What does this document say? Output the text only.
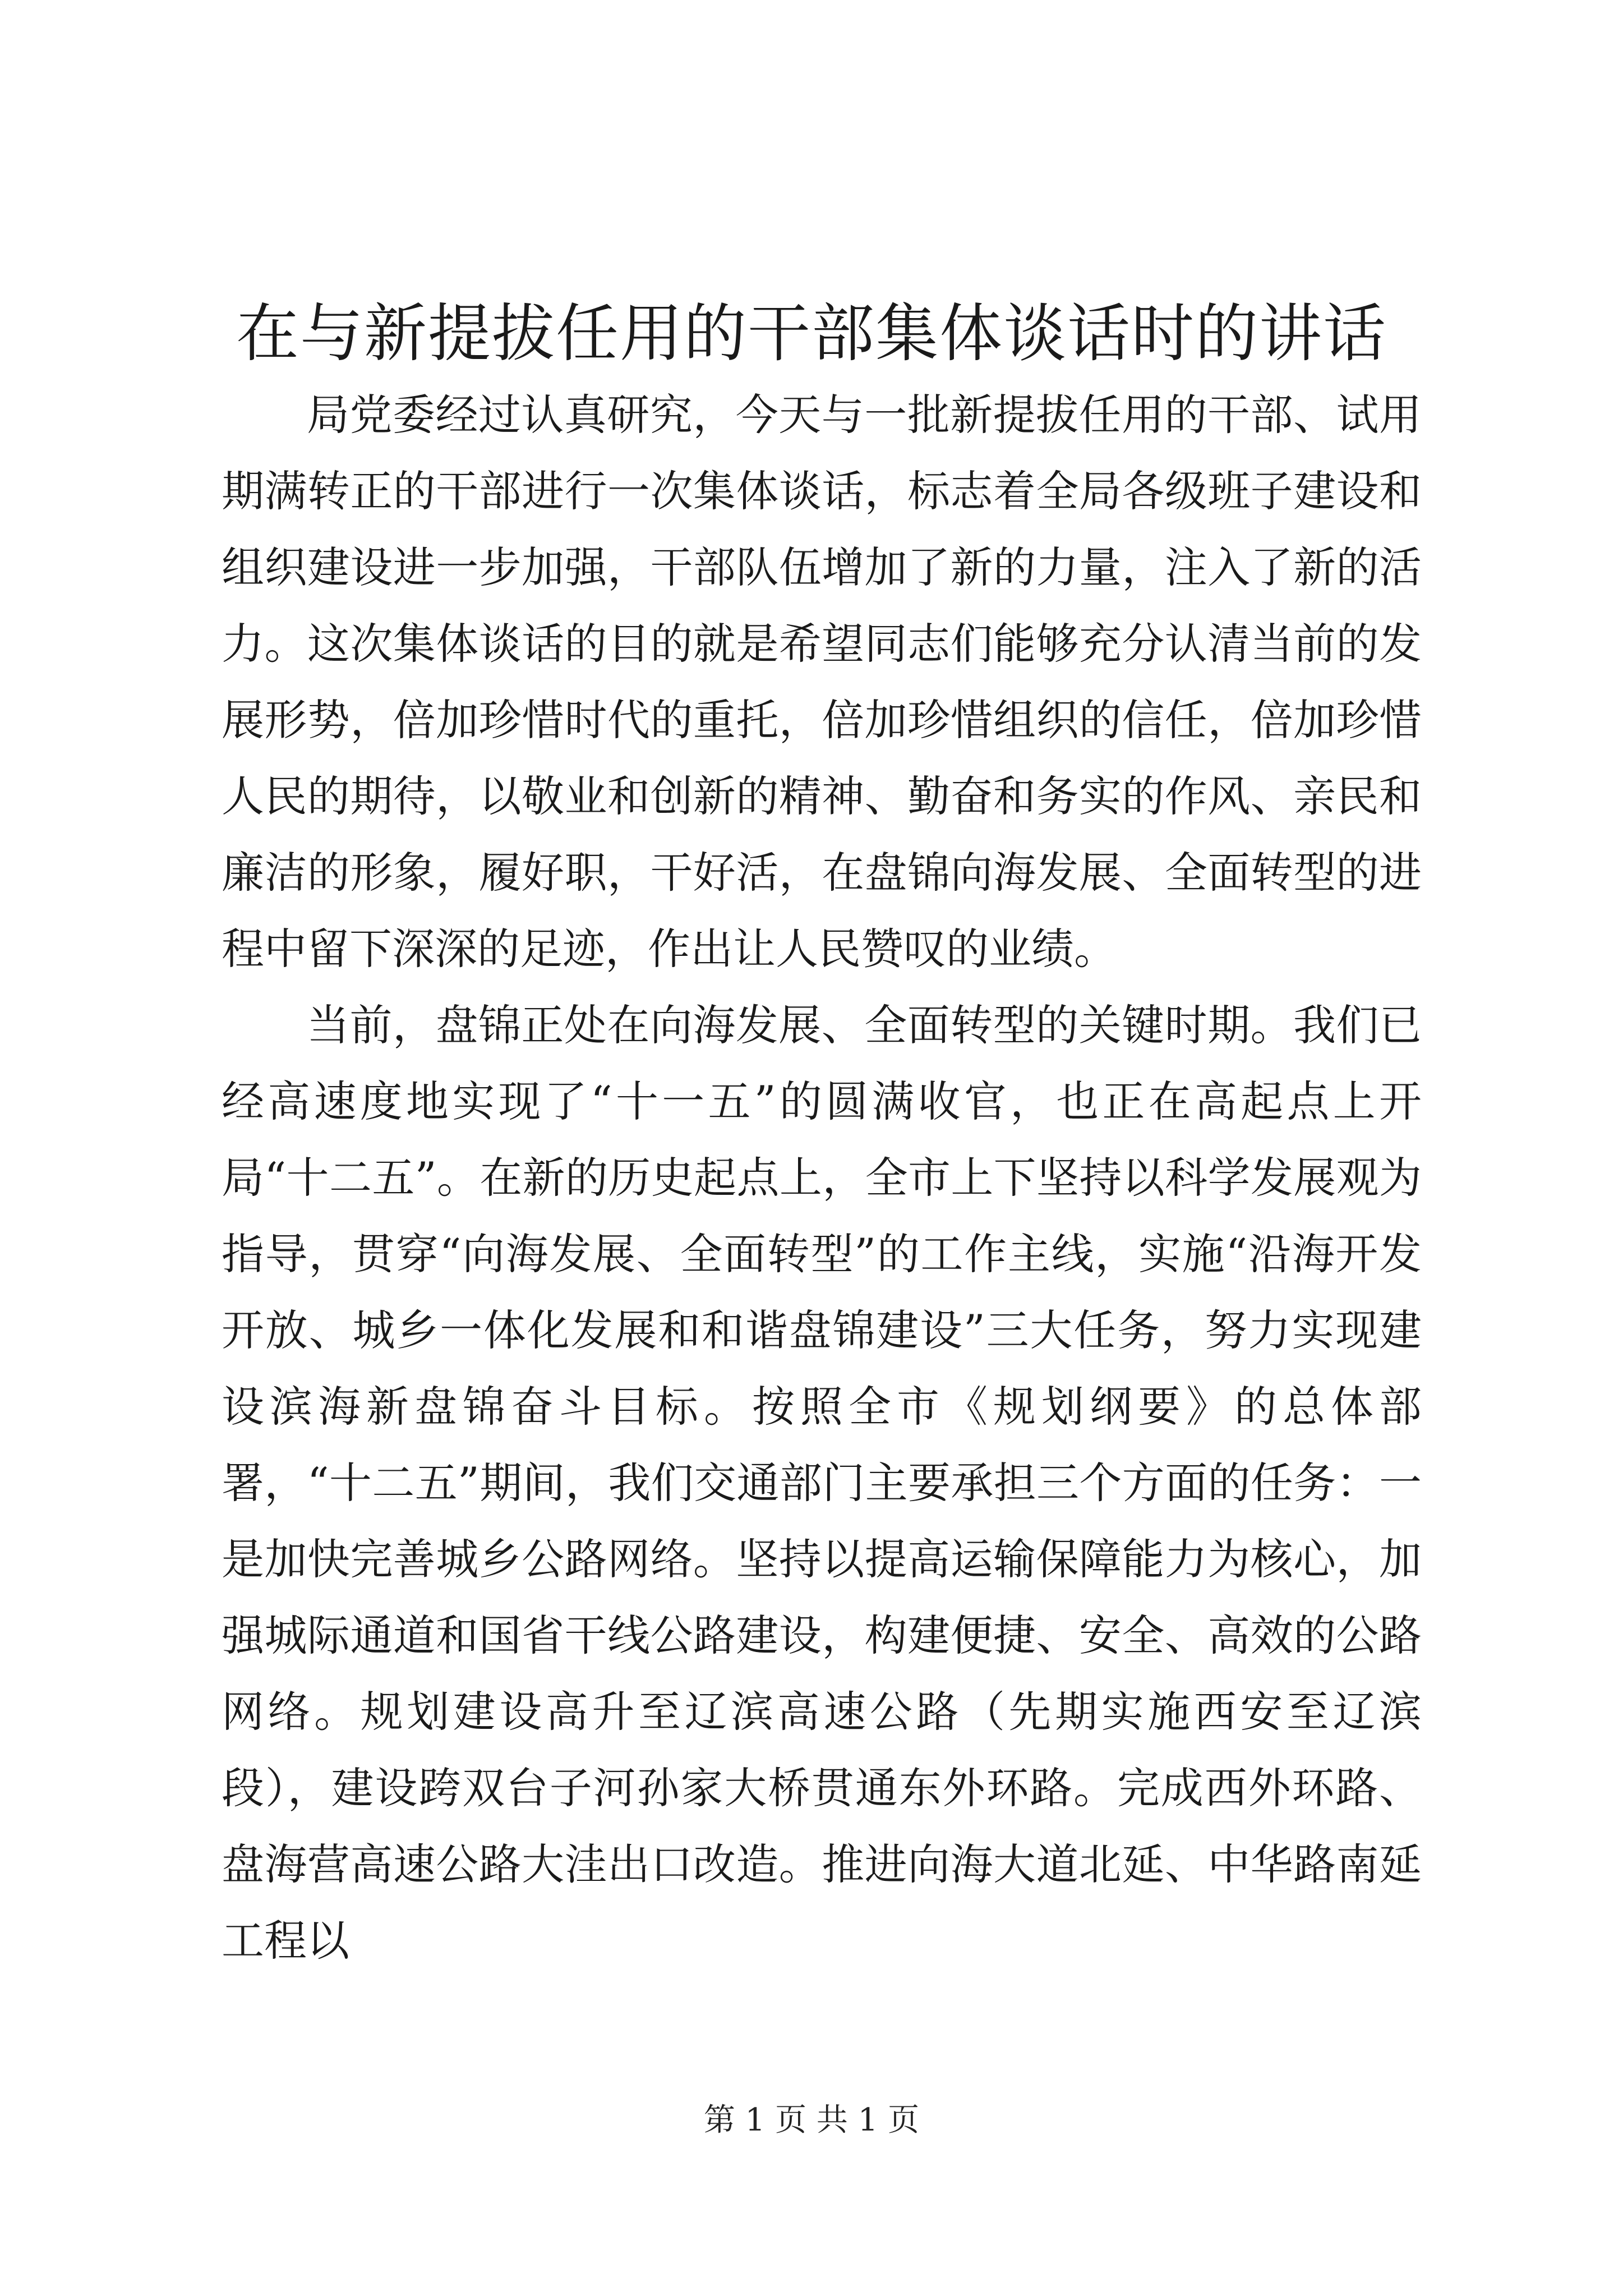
在与新提拔任用的干部集体谈话时的讲话

局党委经过认真研究，今天与一批新提拔任用的干部、试用期满转正的干部进行一次集体谈话，标志着全局各级班子建设和组织建设进一步加强，干部队伍增加了新的力量，注入了新的活力。这次集体谈话的目的就是希望同志们能够充分认清当前的发展形势，倍加珍惜时代的重托，倍加珍惜组织的信任，倍加珍惜人民的期待，以敬业和创新的精神、勤奋和务实的作风、亲民和廉洁的形象，履好职，干好活，在盘锦向海发展、全面转型的进程中留下深深的足迹，作出让人民赞叹的业绩。

当前，盘锦正处在向海发展、全面转型的关键时期。我们已经高速度地实现了“十一五”的圆满收官，也正在高起点上开局“十二五”。在新的历史起点上，全市上下坚持以科学发展观为指导，贯穿“向海发展、全面转型”的工作主线，实施“沿海开发开放、城乡一体化发展和和谐盘锦建设”三大任务，努力实现建设滨海新盘锦奋斗目标。按照全市《规划纲要》的总体部署，“十二五”期间，我们交通部门主要承担三个方面的任务：一是加快完善城乡公路网络。坚持以提高运输保障能力为核心，加强城际通道和国省干线公路建设，构建便捷、安全、高效的公路网络。规划建设高升至辽滨高速公路（先期实施西安至辽滨段），建设跨双台子河孙家大桥贯通东外环路。完成西外环路、盘海营高速公路大洼出口改造。推进向海大道北延、中华路南延工程以

第 1 页 共 1 页
